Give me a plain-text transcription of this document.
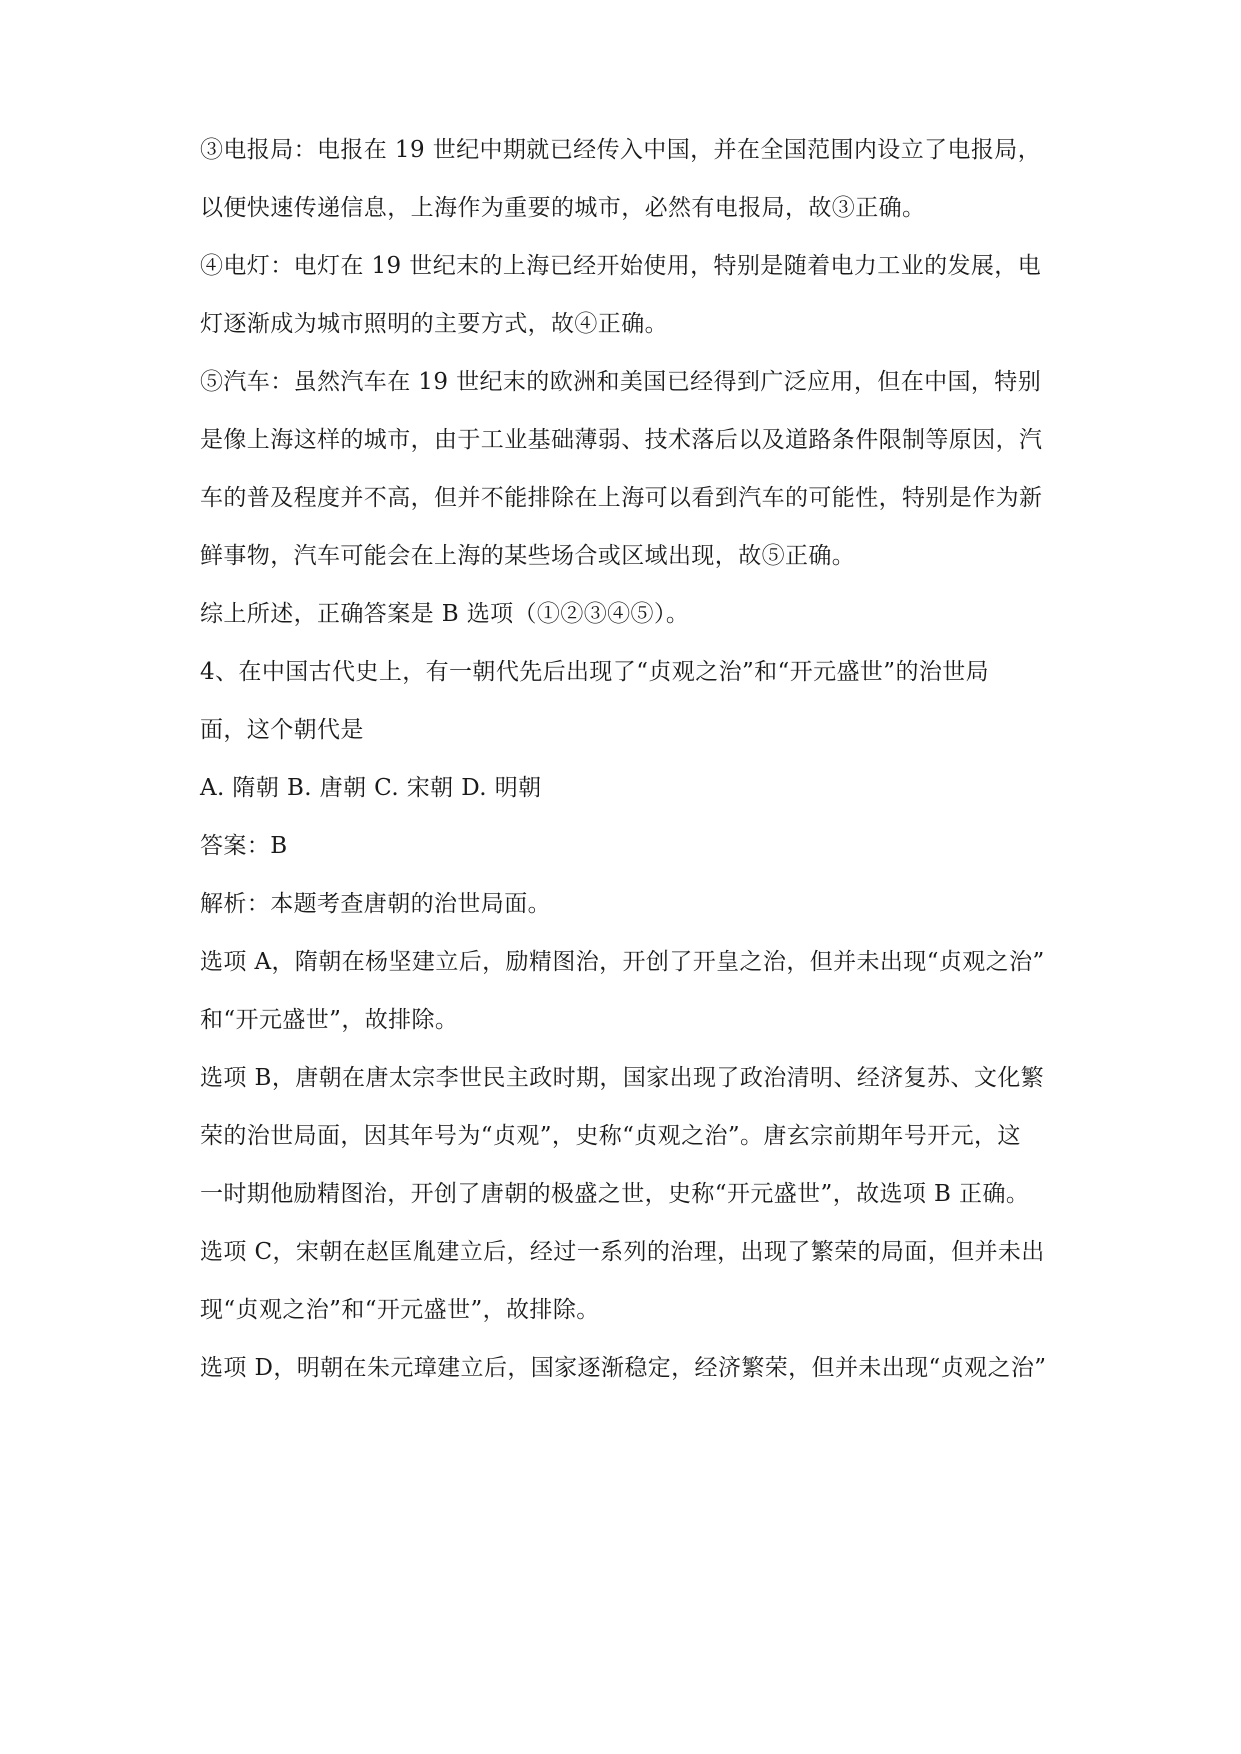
③电报局：电报在 19 世纪中期就已经传入中国，并在全国范围内设立了电报局，
以便快速传递信息，上海作为重要的城市，必然有电报局，故③正确。
④电灯：电灯在 19 世纪末的上海已经开始使用，特别是随着电力工业的发展，电
灯逐渐成为城市照明的主要方式，故④正确。
⑤汽车：虽然汽车在 19 世纪末的欧洲和美国已经得到广泛应用，但在中国，特别
是像上海这样的城市，由于工业基础薄弱、技术落后以及道路条件限制等原因，汽
车的普及程度并不高，但并不能排除在上海可以看到汽车的可能性，特别是作为新
鲜事物，汽车可能会在上海的某些场合或区域出现，故⑤正确。
综上所述，正确答案是 B 选项（①②③④⑤）。
4、在中国古代史上，有一朝代先后出现了“贞观之治”和“开元盛世”的治世局
面，这个朝代是
A. 隋朝 B. 唐朝 C. 宋朝 D. 明朝
答案：B
解析：本题考查唐朝的治世局面。
选项 A，隋朝在杨坚建立后，励精图治，开创了开皇之治，但并未出现“贞观之治”
和“开元盛世”，故排除。
选项 B，唐朝在唐太宗李世民主政时期，国家出现了政治清明、经济复苏、文化繁
荣的治世局面，因其年号为“贞观”，史称“贞观之治”。唐玄宗前期年号开元，这
一时期他励精图治，开创了唐朝的极盛之世，史称“开元盛世”，故选项 B 正确。
选项 C，宋朝在赵匡胤建立后，经过一系列的治理，出现了繁荣的局面，但并未出
现“贞观之治”和“开元盛世”，故排除。
选项 D，明朝在朱元璋建立后，国家逐渐稳定，经济繁荣，但并未出现“贞观之治”
